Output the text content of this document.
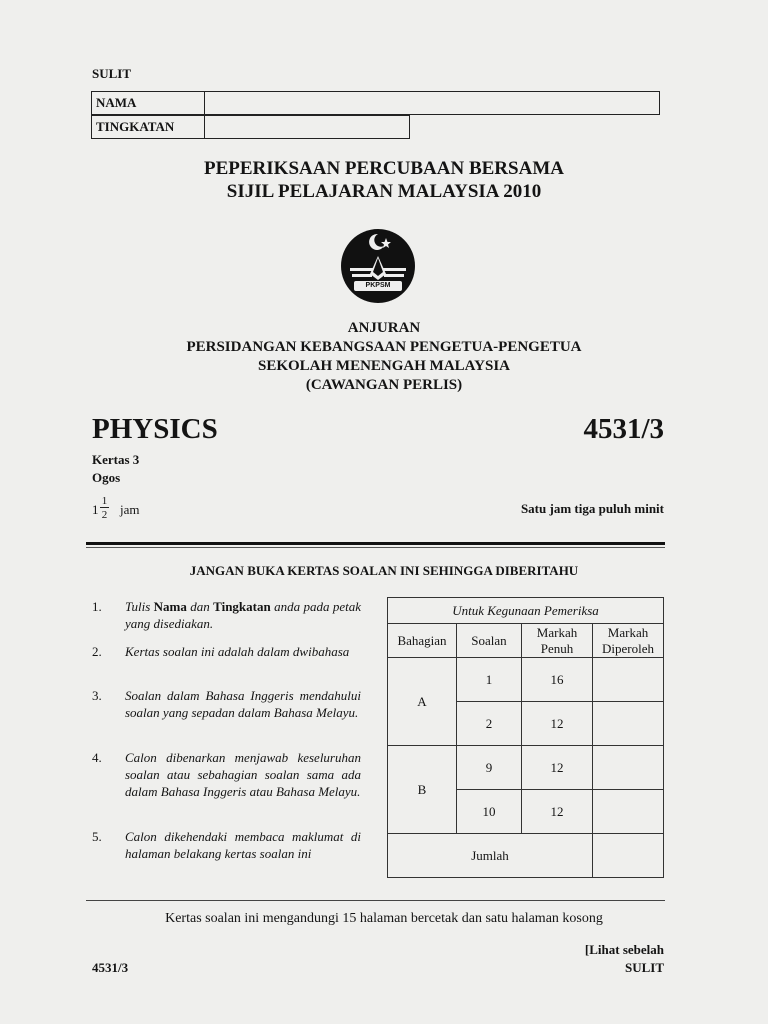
SULIT
NAMA	
TINGKATAN	
PEPERIKSAAN PERCUBAAN BERSAMA
SIJIL PELAJARAN MALAYSIA 2010
PKPSM
ANJURAN
PERSIDANGAN KEBANGSAAN PENGETUA-PENGETUA
SEKOLAH MENENGAH MALAYSIA
(CAWANGAN PERLIS)
PHYSICS	4531/3
Kertas 3
Ogos
1
1
2 jam	Satu jam tiga puluh minit
JANGAN BUKA KERTAS SOALAN INI SEHINGGA DIBERITAHU
1. Tulis Nama dan Tingkatan anda pada petak yang disediakan.
2. Kertas soalan ini adalah dalam dwibahasa
3. Soalan dalam Bahasa Inggeris mendahului soalan yang sepadan dalam Bahasa Melayu.
4. Calon dibenarkan menjawab keseluruhan soalan atau sebahagian soalan sama ada dalam Bahasa Inggeris atau Bahasa Melayu.
5. Calon dikehendaki membaca maklumat di halaman belakang kertas soalan ini
Untuk Kegunaan Pemeriksa			
Bahagian	Soalan	Markah Penuh	Markah Diperoleh
A	1	16	
	2	12	
B	9	12	
	10	12	
Jumlah			
Kertas soalan ini mengandungi 15 halaman bercetak dan satu halaman kosong
4531/3
[Lihat sebelah
SULIT
